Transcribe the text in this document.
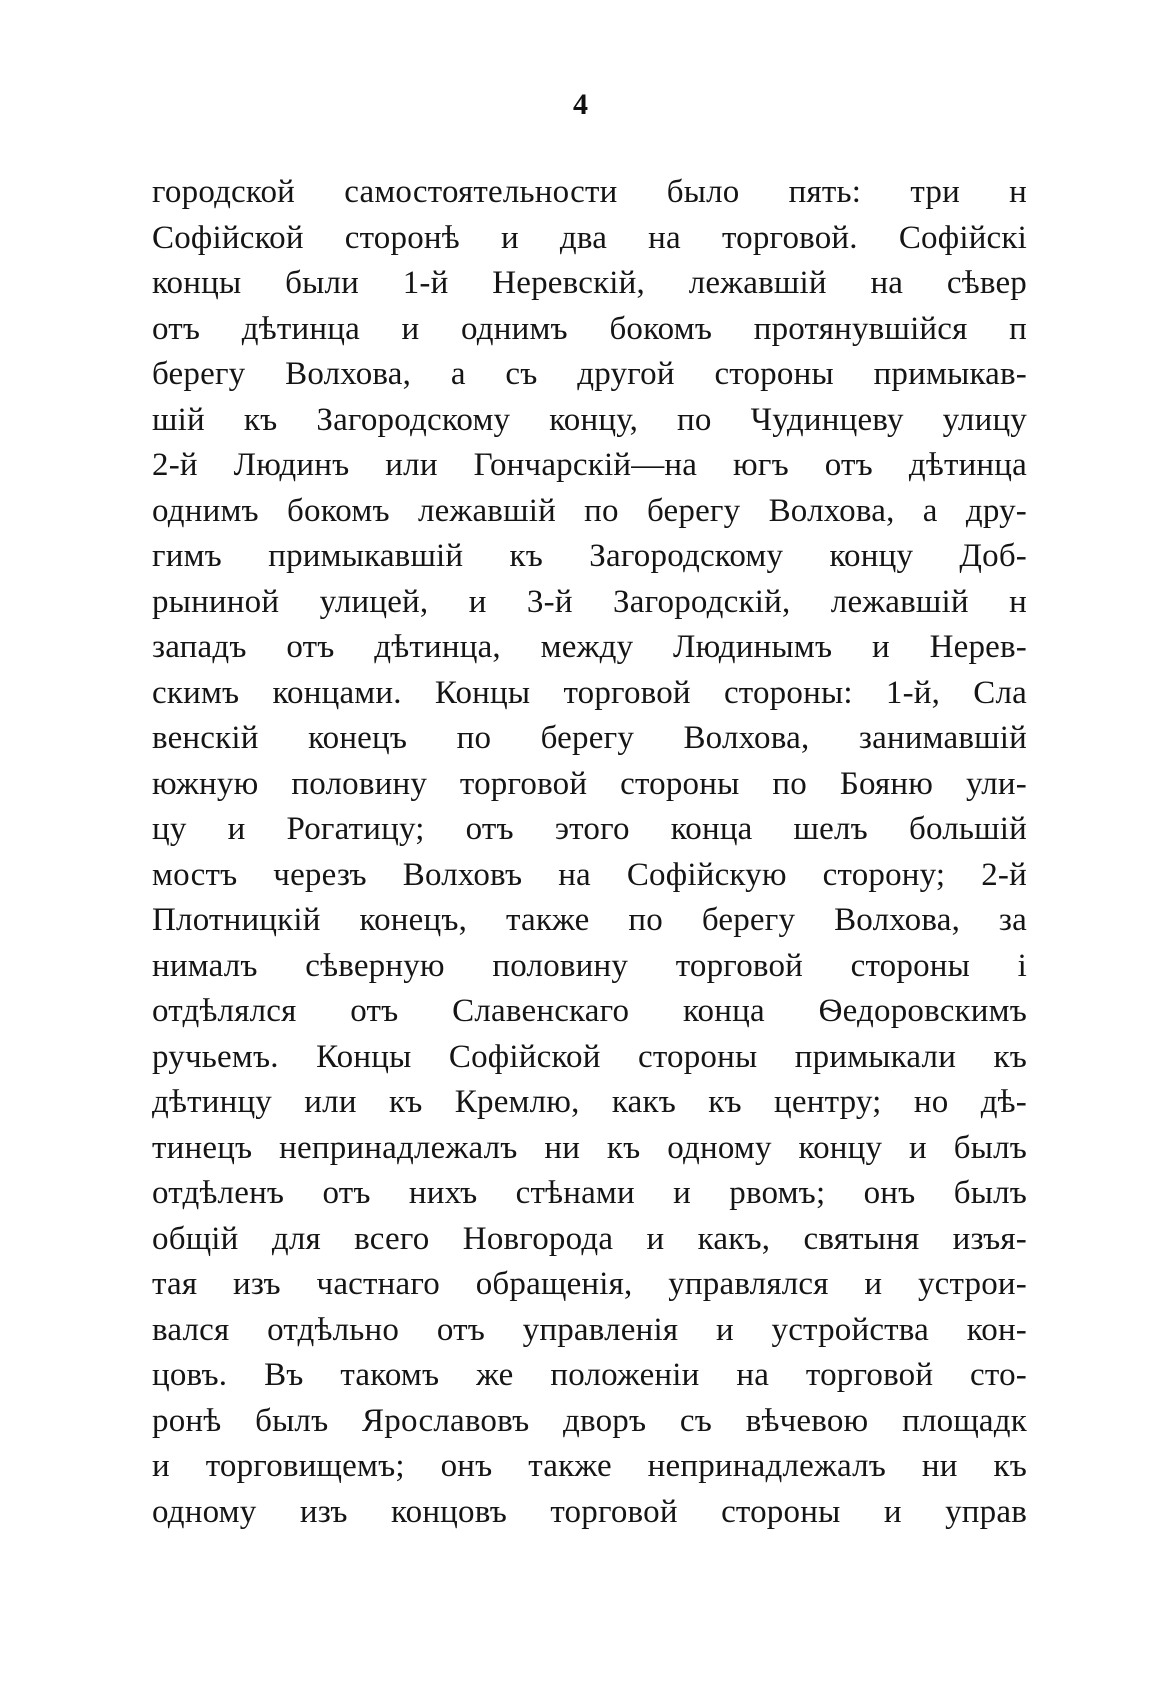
4
городской самостоятельности было пять: три н
Софійской сторонѣ и два на торговой. Софійскі
концы были 1-й Неревскій, лежавшій на сѣвер
отъ дѣтинца и однимъ бокомъ протянувшійся п
берегу Волхова, а съ другой стороны примыкав-
шій къ Загородскому концу, по Чудинцеву улицу
2-й Людинъ или Гончарскій—на югъ отъ дѣтинца
однимъ бокомъ лежавшій по берегу Волхова, а дру-
гимъ примыкавшій къ Загородскому концу Доб-
рыниной улицей, и 3-й Загородскій, лежавшій н
западъ отъ дѣтинца, между Людинымъ и Нерев-
скимъ концами. Концы торговой стороны: 1-й, Сла
венскій конецъ по берегу Волхова, занимавшій
южную половину торговой стороны по Бояню ули-
цу и Рогатицу; отъ этого конца шелъ большій
мостъ черезъ Волховъ на Софійскую сторону; 2-й
Плотницкій конецъ, также по берегу Волхова, за
нималъ сѣверную половину торговой стороны і
отдѣлялся отъ Славенскаго конца Ѳедоровскимъ
ручьемъ. Концы Софійской стороны примыкали къ
дѣтинцу или къ Кремлю, какъ къ центру; но дѣ-
тинецъ непринадлежалъ ни къ одному концу и былъ
отдѣленъ отъ нихъ стѣнами и рвомъ; онъ былъ
общій для всего Новгорода и какъ, святыня изъя-
тая изъ частнаго обращенія, управлялся и устрои-
вался отдѣльно отъ управленія и устройства кон-
цовъ. Въ такомъ же положеніи на торговой сто-
ронѣ былъ Ярославовъ дворъ съ вѣчевою площадк
и торговищемъ; онъ также непринадлежалъ ни къ
одному изъ концовъ торговой стороны и управ
